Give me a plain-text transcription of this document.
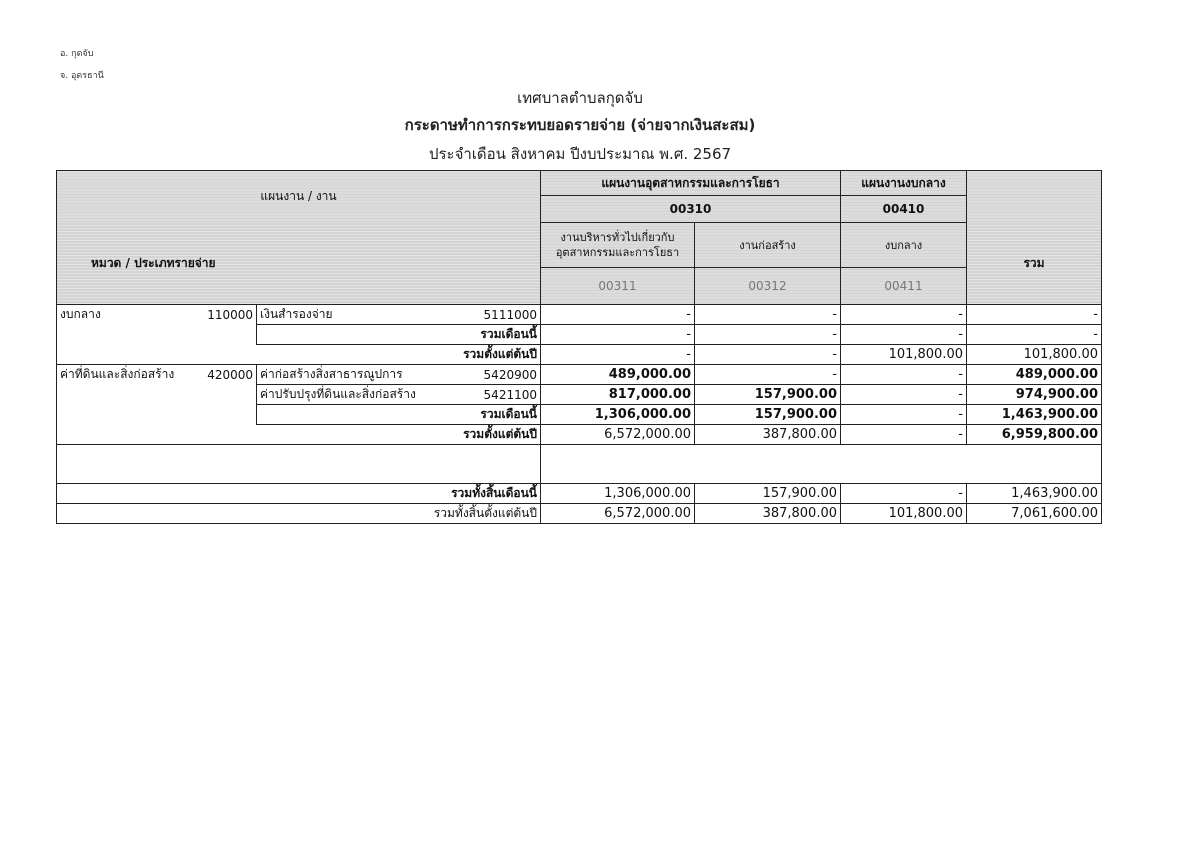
อ. กุดจับ
จ. อุดรธานี
เทศบาลตำบลกุดจับ
กระดาษทำการกระทบยอดรายจ่าย (จ่ายจากเงินสะสม)
ประจำเดือน สิงหาคม ปีงบประมาณ พ.ศ. 2567
แผนงาน / งาน				แผนงานอุตสาหกรรมและการโยธา		แผนงานงบกลาง	
				00310		00410	
หมวด / ประเภทรายจ่าย				งานบริหารทั่วไปเกี่ยวกับอุตสาหกรรมและการโยธา	งานก่อสร้าง	งบกลาง	รวม
				00311	00312	00411	
งบกลาง	110000	เงินสำรองจ่าย	5111000	-	-	-	-
		รวมเดือนนี้		-	-	-	-
รวมตั้งแต่ต้นปี				-	-	101,800.00	101,800.00
ค่าที่ดินและสิ่งก่อสร้าง	420000	ค่าก่อสร้างสิ่งสาธารณูปการ	5420900	489,000.00	-	-	489,000.00
		ค่าปรับปรุงที่ดินและสิ่งก่อสร้าง	5421100	817,000.00	157,900.00	-	974,900.00
		รวมเดือนนี้		1,306,000.00	157,900.00	-	1,463,900.00
รวมตั้งแต่ต้นปี				6,572,000.00	387,800.00	-	6,959,800.00

รวมทั้งสิ้นเดือนนี้				1,306,000.00	157,900.00	-	1,463,900.00
รวมทั้งสิ้นตั้งแต่ต้นปี				6,572,000.00	387,800.00	101,800.00	7,061,600.00
